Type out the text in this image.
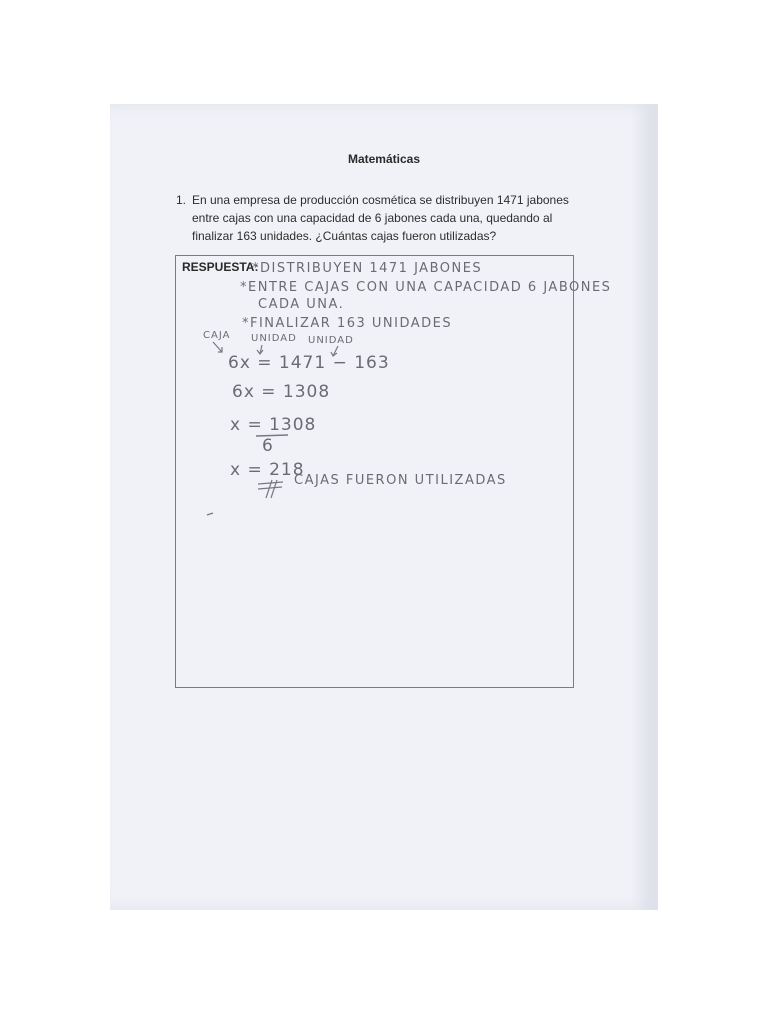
Matemáticas
1. En una empresa de producción cosmética se distribuyen 1471 jabones entre cajas con una capacidad de 6 jabones cada una, quedando al finalizar 163 unidades. ¿Cuántas cajas fueron utilizadas?
RESPUESTA:
*DISTRIBUYEN 1471 JABONES
*ENTRE CAJAS CON UNA CAPACIDAD 6 JABONES
CADA UNA.
*FINALIZAR 163 UNIDADES
CAJA UNIDAD UNIDAD
6x = 1471 − 163
6x = 1308
x = 1308
6
x = 218
CAJAS FUERON UTILIZADAS
